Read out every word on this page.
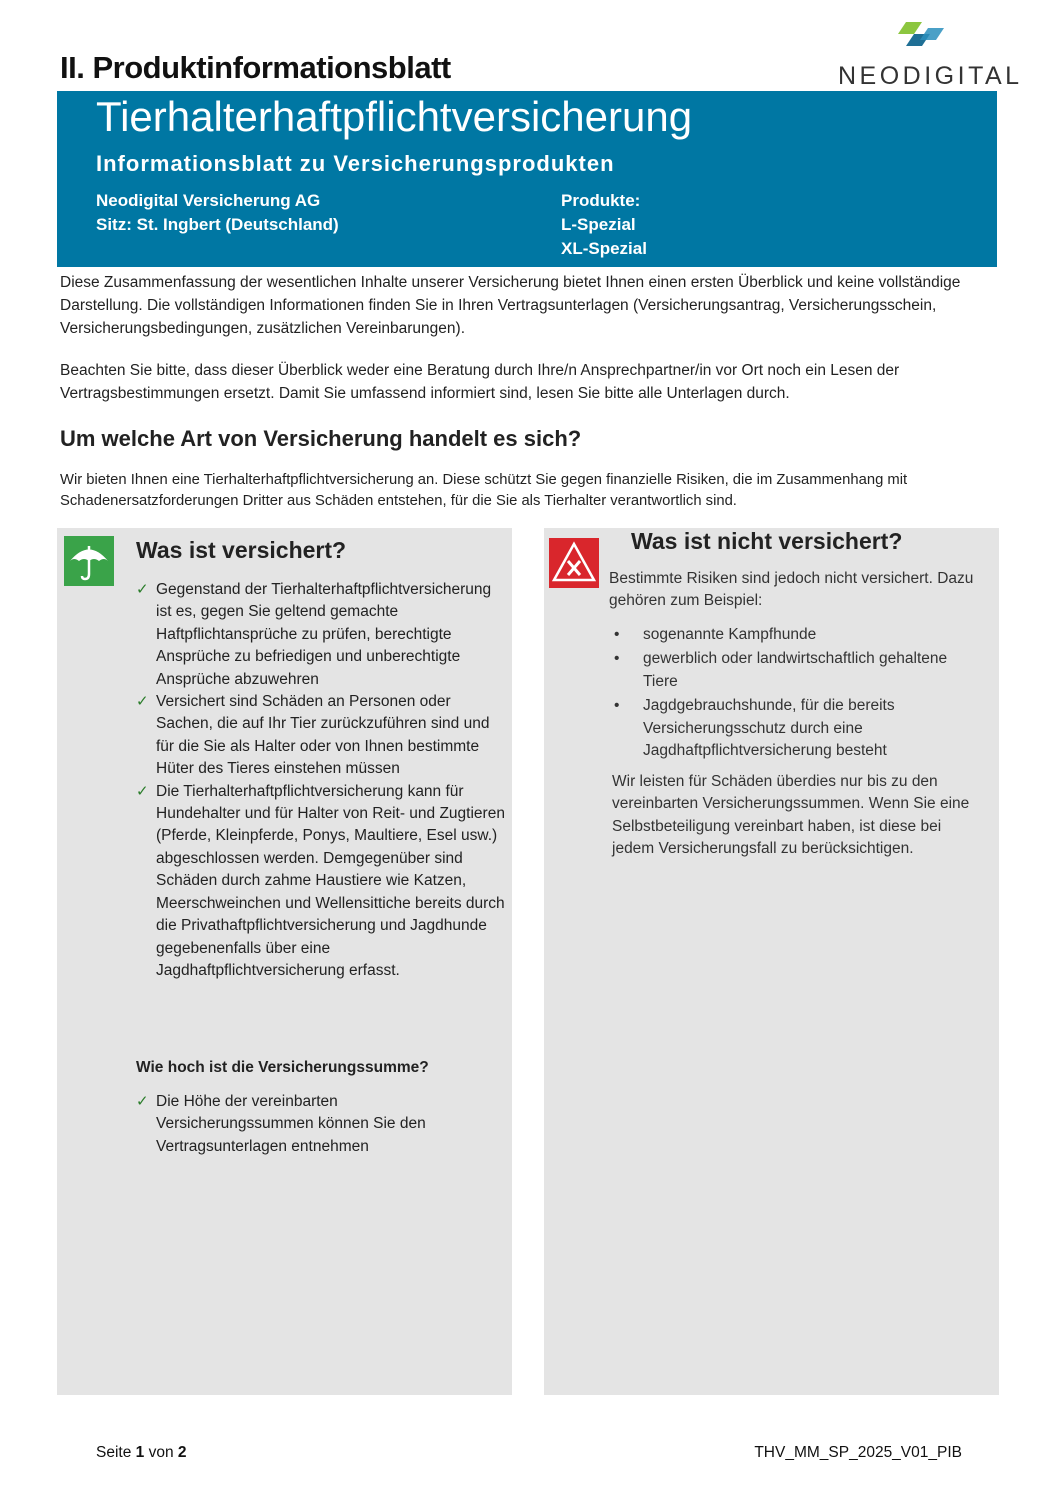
II. Produktinformationsblatt	NEODIGITAL
Tierhalterhaftpflichtversicherung
Informationsblatt zu Versicherungsprodukten
Neodigital Versicherung AG
Sitz: St. Ingbert (Deutschland)
Produkte:
L-Spezial
XL-Spezial
Diese Zusammenfassung der wesentlichen Inhalte unserer Versicherung bietet Ihnen einen ersten Überblick und keine vollständige Darstellung. Die vollständigen Informationen finden Sie in Ihren Vertragsunterlagen (Versicherungsantrag, Versicherungsschein, Versicherungsbedingungen, zusätzlichen Vereinbarungen).
Beachten Sie bitte, dass dieser Überblick weder eine Beratung durch Ihre/n Ansprechpartner/in vor Ort noch ein Lesen der Vertragsbestimmungen ersetzt. Damit Sie umfassend informiert sind, lesen Sie bitte alle Unterlagen durch.
Um welche Art von Versicherung handelt es sich?
Wir bieten Ihnen eine Tierhalterhaftpflichtversicherung an. Diese schützt Sie gegen finanzielle Risiken, die im Zusammenhang mit Schadenersatzforderungen Dritter aus Schäden entstehen, für die Sie als Tierhalter verantwortlich sind.
Was ist versichert?
✓ Gegenstand der Tierhalterhaftpflichtversicherung ist es, gegen Sie geltend gemachte Haftpflichtansprüche zu prüfen, berechtigte Ansprüche zu befriedigen und unberechtigte Ansprüche abzuwehren
✓ Versichert sind Schäden an Personen oder Sachen, die auf Ihr Tier zurückzuführen sind und für die Sie als Halter oder von Ihnen bestimmte Hüter des Tieres einstehen müssen
✓ Die Tierhalterhaftpflichtversicherung kann für Hundehalter und für Halter von Reit- und Zugtieren (Pferde, Kleinpferde, Ponys, Maultiere, Esel usw.) abgeschlossen werden. Demgegenüber sind Schäden durch zahme Haustiere wie Katzen, Meerschweinchen und Wellensittiche bereits durch die Privathaftpflichtversicherung und Jagdhunde gegebenenfalls über eine Jagdhaftpflichtversicherung erfasst.
Wie hoch ist die Versicherungssumme?
✓ Die Höhe der vereinbarten Versicherungssummen können Sie den Vertragsunterlagen entnehmen
Was ist nicht versichert?
Bestimmte Risiken sind jedoch nicht versichert. Dazu gehören zum Beispiel:
• sogenannte Kampfhunde
• gewerblich oder landwirtschaftlich gehaltene Tiere
• Jagdgebrauchshunde, für die bereits Versicherungsschutz durch eine Jagdhaftpflichtversicherung besteht
Wir leisten für Schäden überdies nur bis zu den vereinbarten Versicherungssummen. Wenn Sie eine Selbstbeteiligung vereinbart haben, ist diese bei jedem Versicherungsfall zu berücksichtigen.
Seite 1 von 2	THV_MM_SP_2025_V01_PIB
